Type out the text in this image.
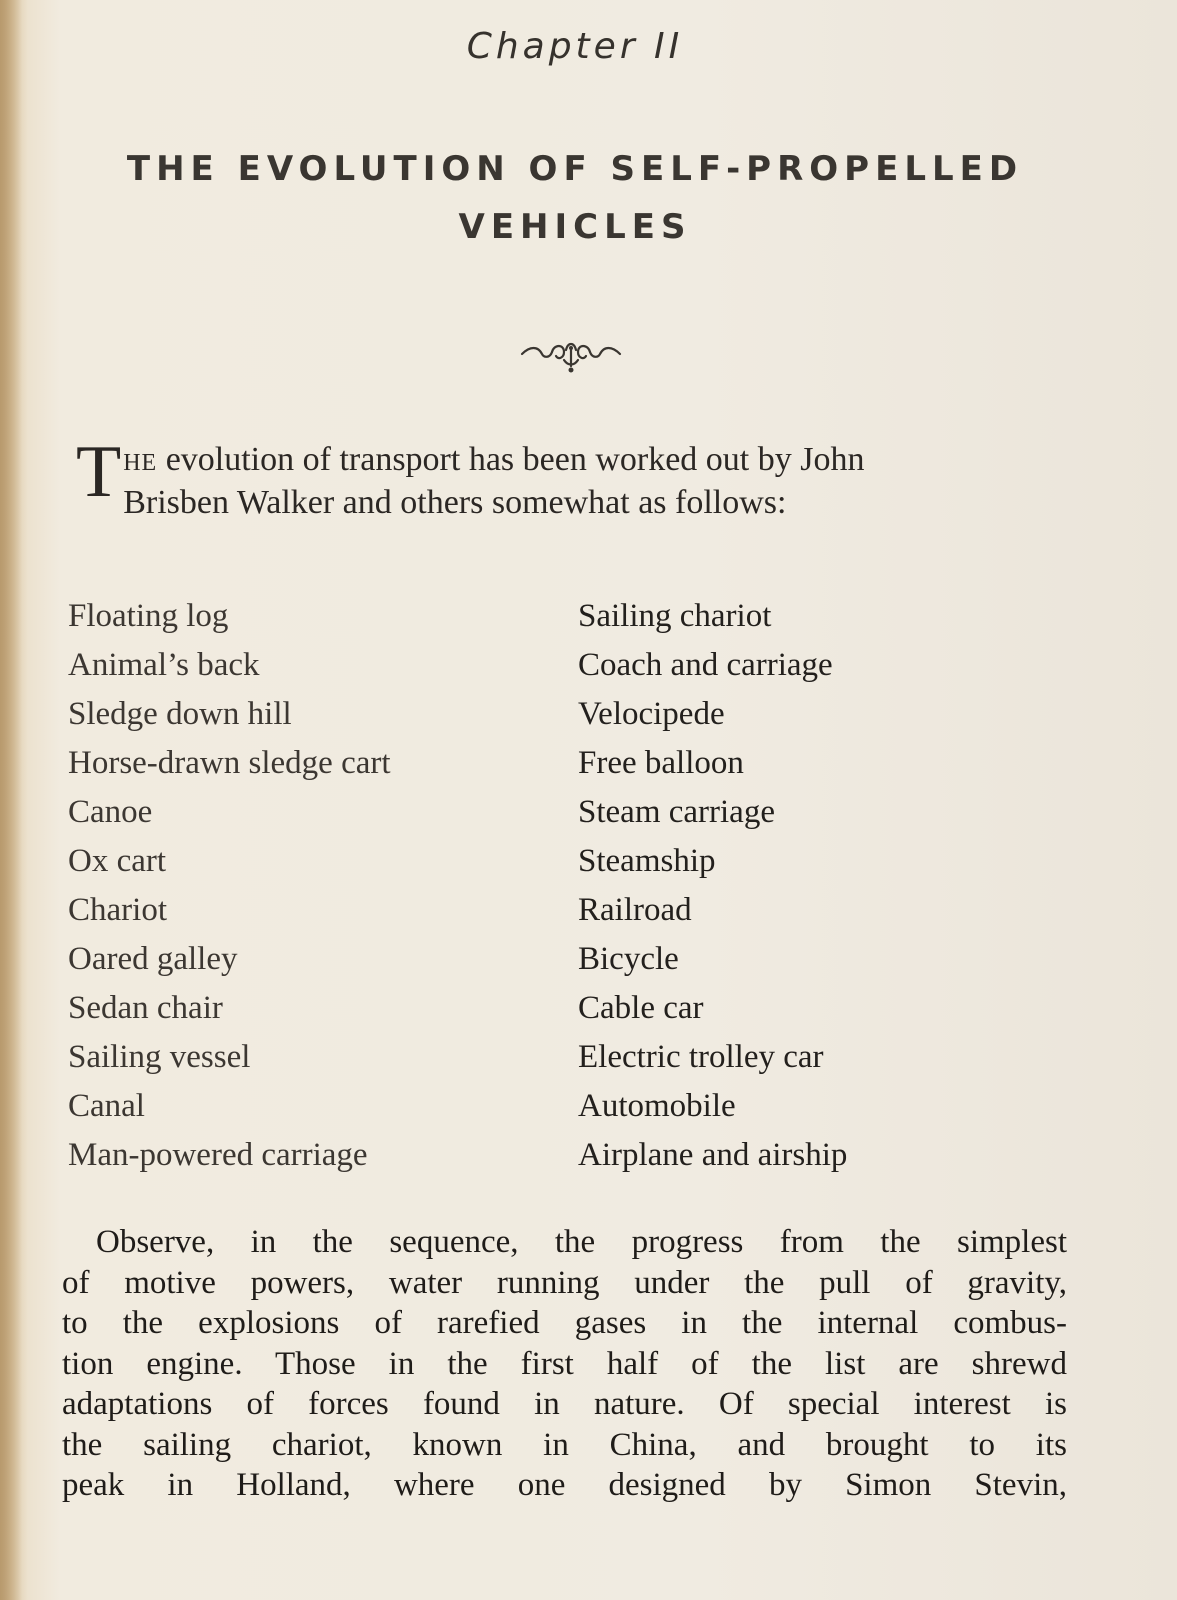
Chapter II
THE EVOLUTION OF SELF-PROPELLED
VEHICLES
THE evolution of transport has been worked out by John
Brisben Walker and others somewhat as follows:
Floating log
Animal’s back
Sledge down hill
Horse-drawn sledge cart
Canoe
Ox cart
Chariot
Oared galley
Sedan chair
Sailing vessel
Canal
Man-powered carriage
Sailing chariot
Coach and carriage
Velocipede
Free balloon
Steam carriage
Steamship
Railroad
Bicycle
Cable car
Electric trolley car
Automobile
Airplane and airship
Observe, in the sequence, the progress from the simplest
of motive powers, water running under the pull of gravity,
to the explosions of rarefied gases in the internal combus-
tion engine. Those in the first half of the list are shrewd
adaptations of forces found in nature. Of special interest is
the sailing chariot, known in China, and brought to its
peak in Holland, where one designed by Simon Stevin,
